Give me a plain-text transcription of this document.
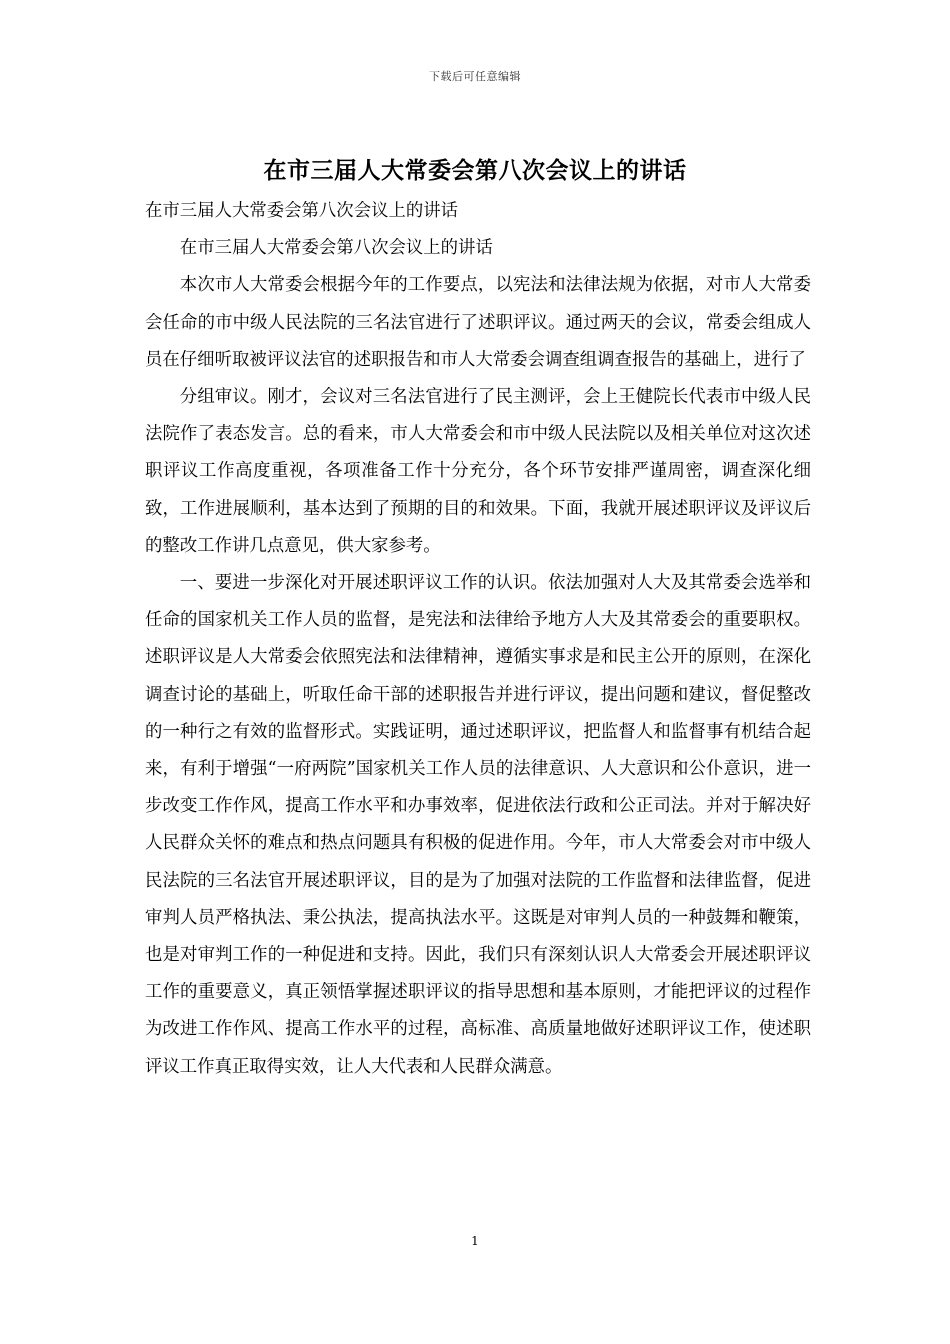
下载后可任意编辑
在市三届人大常委会第八次会议上的讲话

在市三届人大常委会第八次会议上的讲话

在市三届人大常委会第八次会议上的讲话

本次市人大常委会根据今年的工作要点，以宪法和法律法规为依据，对市人大常委会任命的市中级人民法院的三名法官进行了述职评议。通过两天的会议，常委会组成人员在仔细听取被评议法官的述职报告和市人大常委会调查组调查报告的基础上，进行了

分组审议。刚才，会议对三名法官进行了民主测评，会上王健院长代表市中级人民法院作了表态发言。总的看来，市人大常委会和市中级人民法院以及相关单位对这次述职评议工作高度重视，各项准备工作十分充分，各个环节安排严谨周密，调查深化细致，工作进展顺利，基本达到了预期的目的和效果。下面，我就开展述职评议及评议后的整改工作讲几点意见，供大家参考。

一、要进一步深化对开展述职评议工作的认识。依法加强对人大及其常委会选举和任命的国家机关工作人员的监督，是宪法和法律给予地方人大及其常委会的重要职权。述职评议是人大常委会依照宪法和法律精神，遵循实事求是和民主公开的原则，在深化调查讨论的基础上，听取任命干部的述职报告并进行评议，提出问题和建议，督促整改的一种行之有效的监督形式。实践证明，通过述职评议，把监督人和监督事有机结合起来，有利于增强“一府两院”国家机关工作人员的法律意识、人大意识和公仆意识，进一步改变工作作风，提高工作水平和办事效率，促进依法行政和公正司法。并对于解决好人民群众关怀的难点和热点问题具有积极的促进作用。今年，市人大常委会对市中级人民法院的三名法官开展述职评议，目的是为了加强对法院的工作监督和法律监督，促进审判人员严格执法、秉公执法，提高执法水平。这既是对审判人员的一种鼓舞和鞭策，也是对审判工作的一种促进和支持。因此，我们只有深刻认识人大常委会开展述职评议工作的重要意义，真正领悟掌握述职评议的指导思想和基本原则，才能把评议的过程作为改进工作作风、提高工作水平的过程，高标准、高质量地做好述职评议工作，使述职评议工作真正取得实效，让人大代表和人民群众满意。

1
